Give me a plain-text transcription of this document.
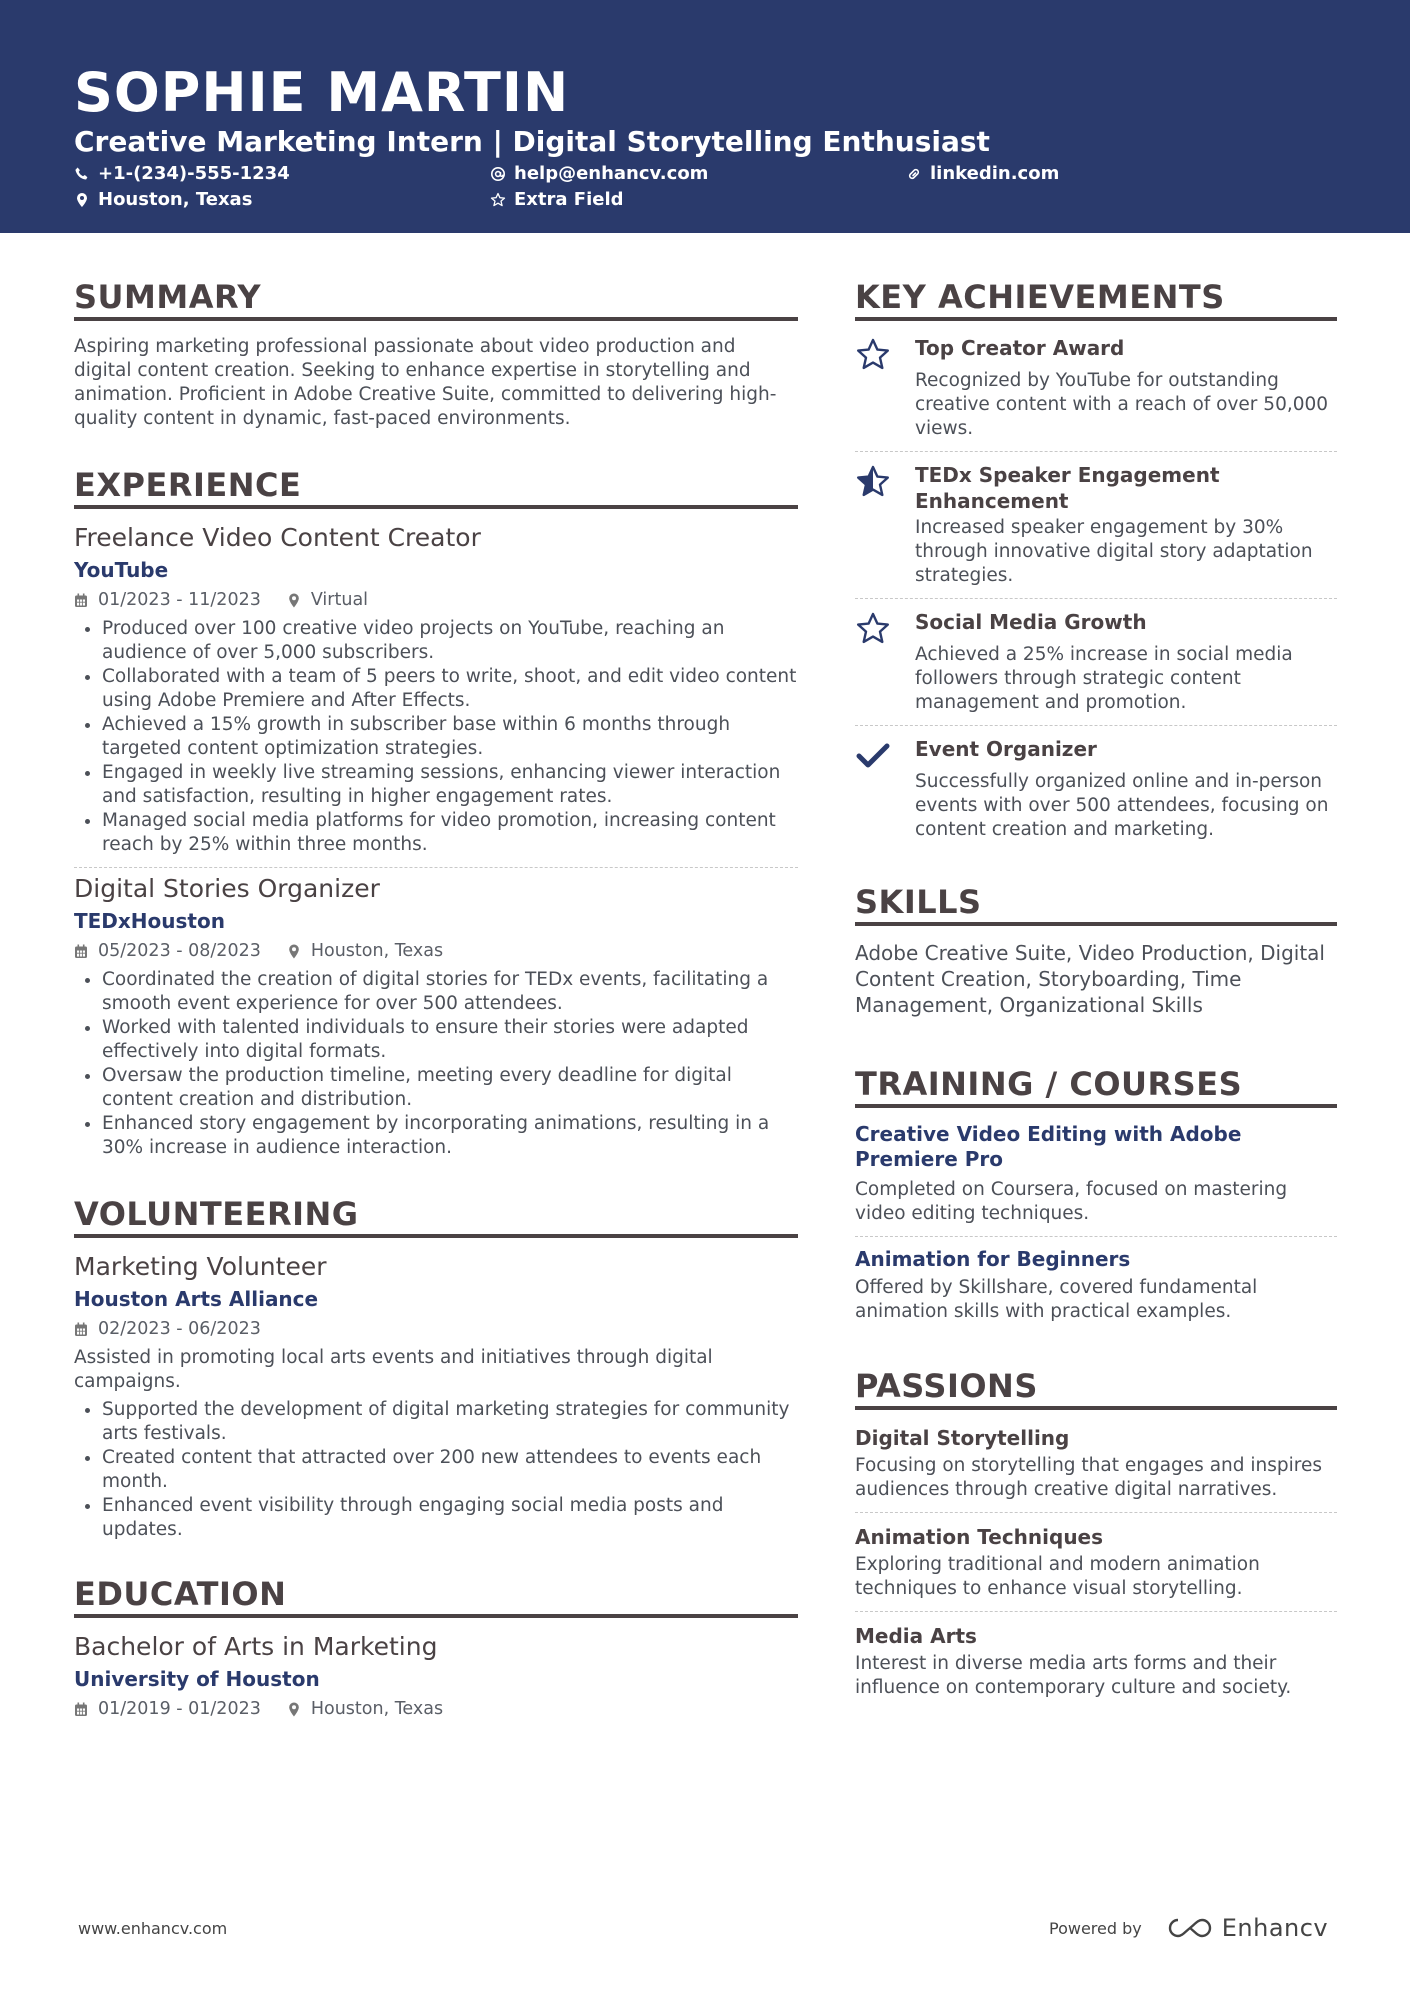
SOPHIE MARTIN
Creative Marketing Intern | Digital Storytelling Enthusiast
+1-(234)-555-1234	help@enhancv.com	linkedin.com
Houston, Texas	Extra Field
SUMMARY
Aspiring marketing professional passionate about video production and digital content creation. Seeking to enhance expertise in storytelling and animation. Proficient in Adobe Creative Suite, committed to delivering high-quality content in dynamic, fast-paced environments.
EXPERIENCE
Freelance Video Content Creator
YouTube
01/2023 - 11/2023	Virtual
• Produced over 100 creative video projects on YouTube, reaching an audience of over 5,000 subscribers.
• Collaborated with a team of 5 peers to write, shoot, and edit video content using Adobe Premiere and After Effects.
• Achieved a 15% growth in subscriber base within 6 months through targeted content optimization strategies.
• Engaged in weekly live streaming sessions, enhancing viewer interaction and satisfaction, resulting in higher engagement rates.
• Managed social media platforms for video promotion, increasing content reach by 25% within three months.
Digital Stories Organizer
TEDxHouston
05/2023 - 08/2023	Houston, Texas
• Coordinated the creation of digital stories for TEDx events, facilitating a smooth event experience for over 500 attendees.
• Worked with talented individuals to ensure their stories were adapted effectively into digital formats.
• Oversaw the production timeline, meeting every deadline for digital content creation and distribution.
• Enhanced story engagement by incorporating animations, resulting in a 30% increase in audience interaction.
VOLUNTEERING
Marketing Volunteer
Houston Arts Alliance
02/2023 - 06/2023
Assisted in promoting local arts events and initiatives through digital campaigns.
• Supported the development of digital marketing strategies for community arts festivals.
• Created content that attracted over 200 new attendees to events each month.
• Enhanced event visibility through engaging social media posts and updates.
EDUCATION
Bachelor of Arts in Marketing
University of Houston
01/2019 - 01/2023	Houston, Texas
KEY ACHIEVEMENTS
Top Creator Award
Recognized by YouTube for outstanding creative content with a reach of over 50,000 views.
TEDx Speaker Engagement Enhancement
Increased speaker engagement by 30% through innovative digital story adaptation strategies.
Social Media Growth
Achieved a 25% increase in social media followers through strategic content management and promotion.
Event Organizer
Successfully organized online and in-person events with over 500 attendees, focusing on content creation and marketing.
SKILLS
Adobe Creative Suite, Video Production, Digital Content Creation, Storyboarding, Time Management, Organizational Skills
TRAINING / COURSES
Creative Video Editing with Adobe Premiere Pro
Completed on Coursera, focused on mastering video editing techniques.
Animation for Beginners
Offered by Skillshare, covered fundamental animation skills with practical examples.
PASSIONS
Digital Storytelling
Focusing on storytelling that engages and inspires audiences through creative digital narratives.
Animation Techniques
Exploring traditional and modern animation techniques to enhance visual storytelling.
Media Arts
Interest in diverse media arts forms and their influence on contemporary culture and society.
www.enhancv.com	Powered by	Enhancv
